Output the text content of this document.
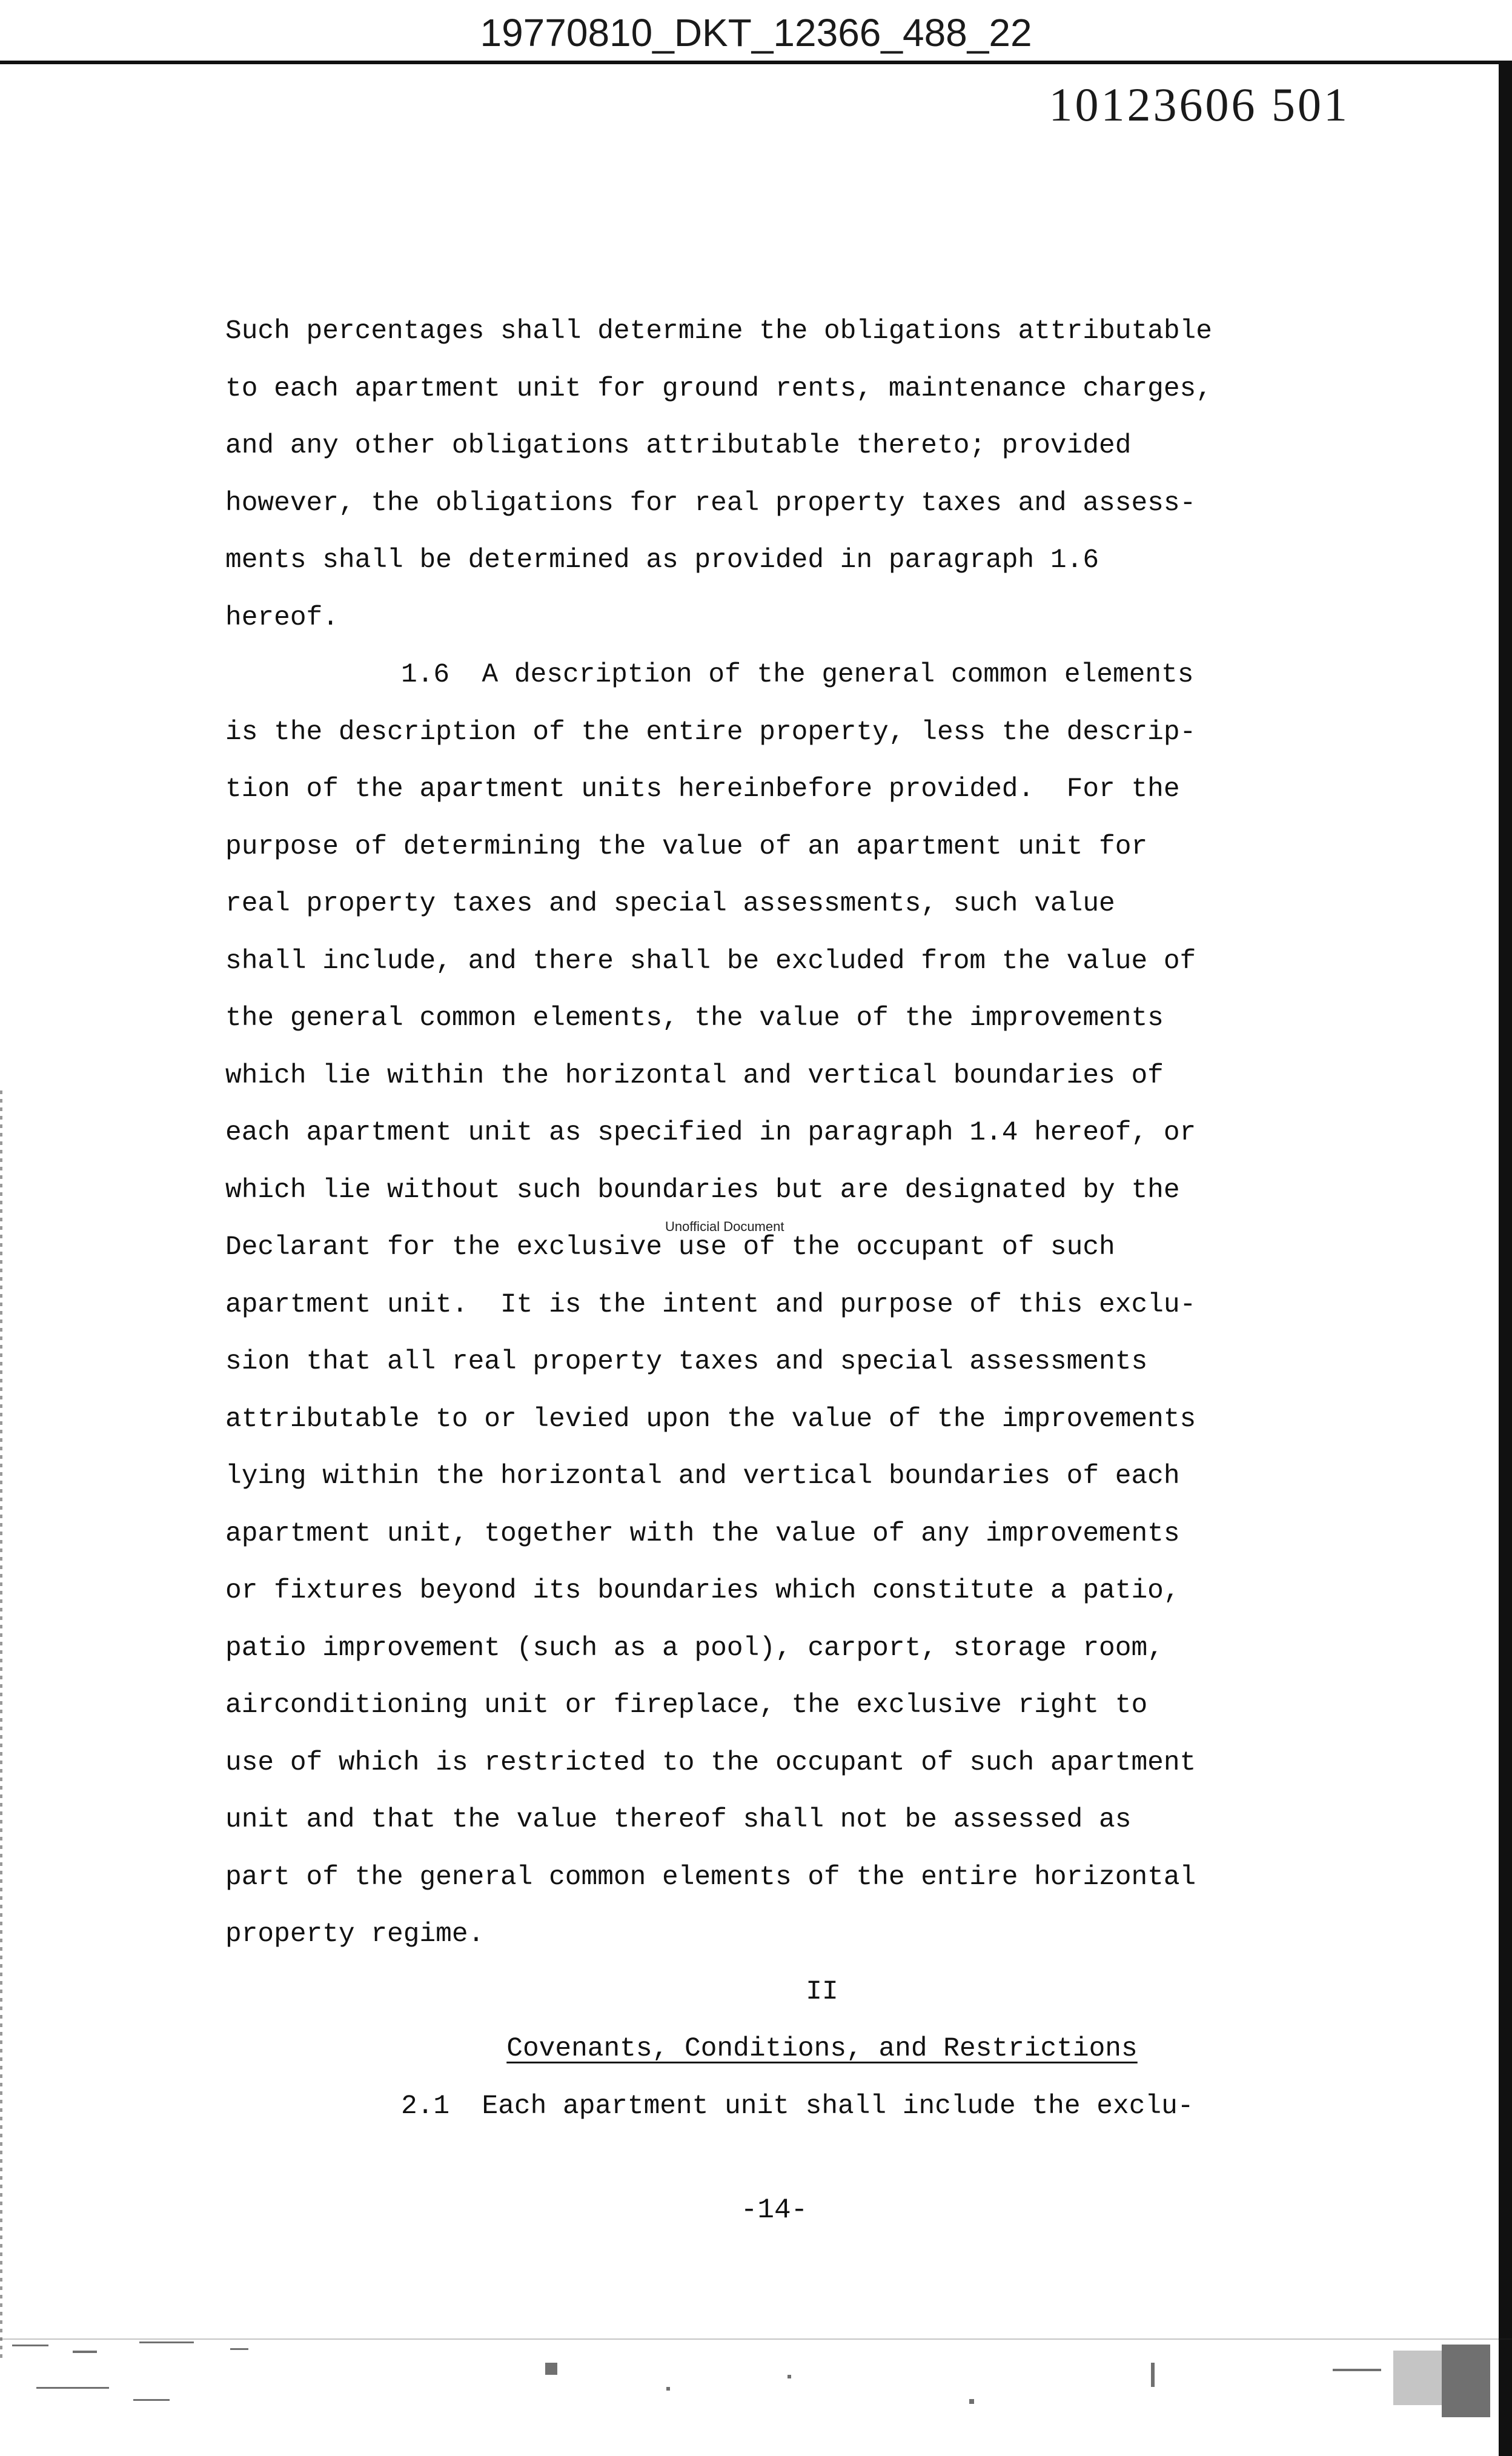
19770810_DKT_12366_488_22
10123606 501
Such percentages shall determine the obligations attributable
to each apartment unit for ground rents, maintenance charges,
and any other obligations attributable thereto; provided
however, the obligations for real property taxes and assess-
ments shall be determined as provided in paragraph 1.6
hereof.
1.6  A description of the general common elements
is the description of the entire property, less the descrip-
tion of the apartment units hereinbefore provided.  For the
purpose of determining the value of an apartment unit for
real property taxes and special assessments, such value
shall include, and there shall be excluded from the value of
the general common elements, the value of the improvements
which lie within the horizontal and vertical boundaries of
each apartment unit as specified in paragraph 1.4 hereof, or
which lie without such boundaries but are designated by the
Declarant for the exclusive use of the occupant of such
apartment unit.  It is the intent and purpose of this exclu-
sion that all real property taxes and special assessments
attributable to or levied upon the value of the improvements
lying within the horizontal and vertical boundaries of each
apartment unit, together with the value of any improvements
or fixtures beyond its boundaries which constitute a patio,
patio improvement (such as a pool), carport, storage room,
airconditioning unit or fireplace, the exclusive right to
use of which is restricted to the occupant of such apartment
unit and that the value thereof shall not be assessed as
part of the general common elements of the entire horizontal
property regime.
II
Covenants, Conditions, and Restrictions
2.1  Each apartment unit shall include the exclu-
Unofficial Document
-14-
